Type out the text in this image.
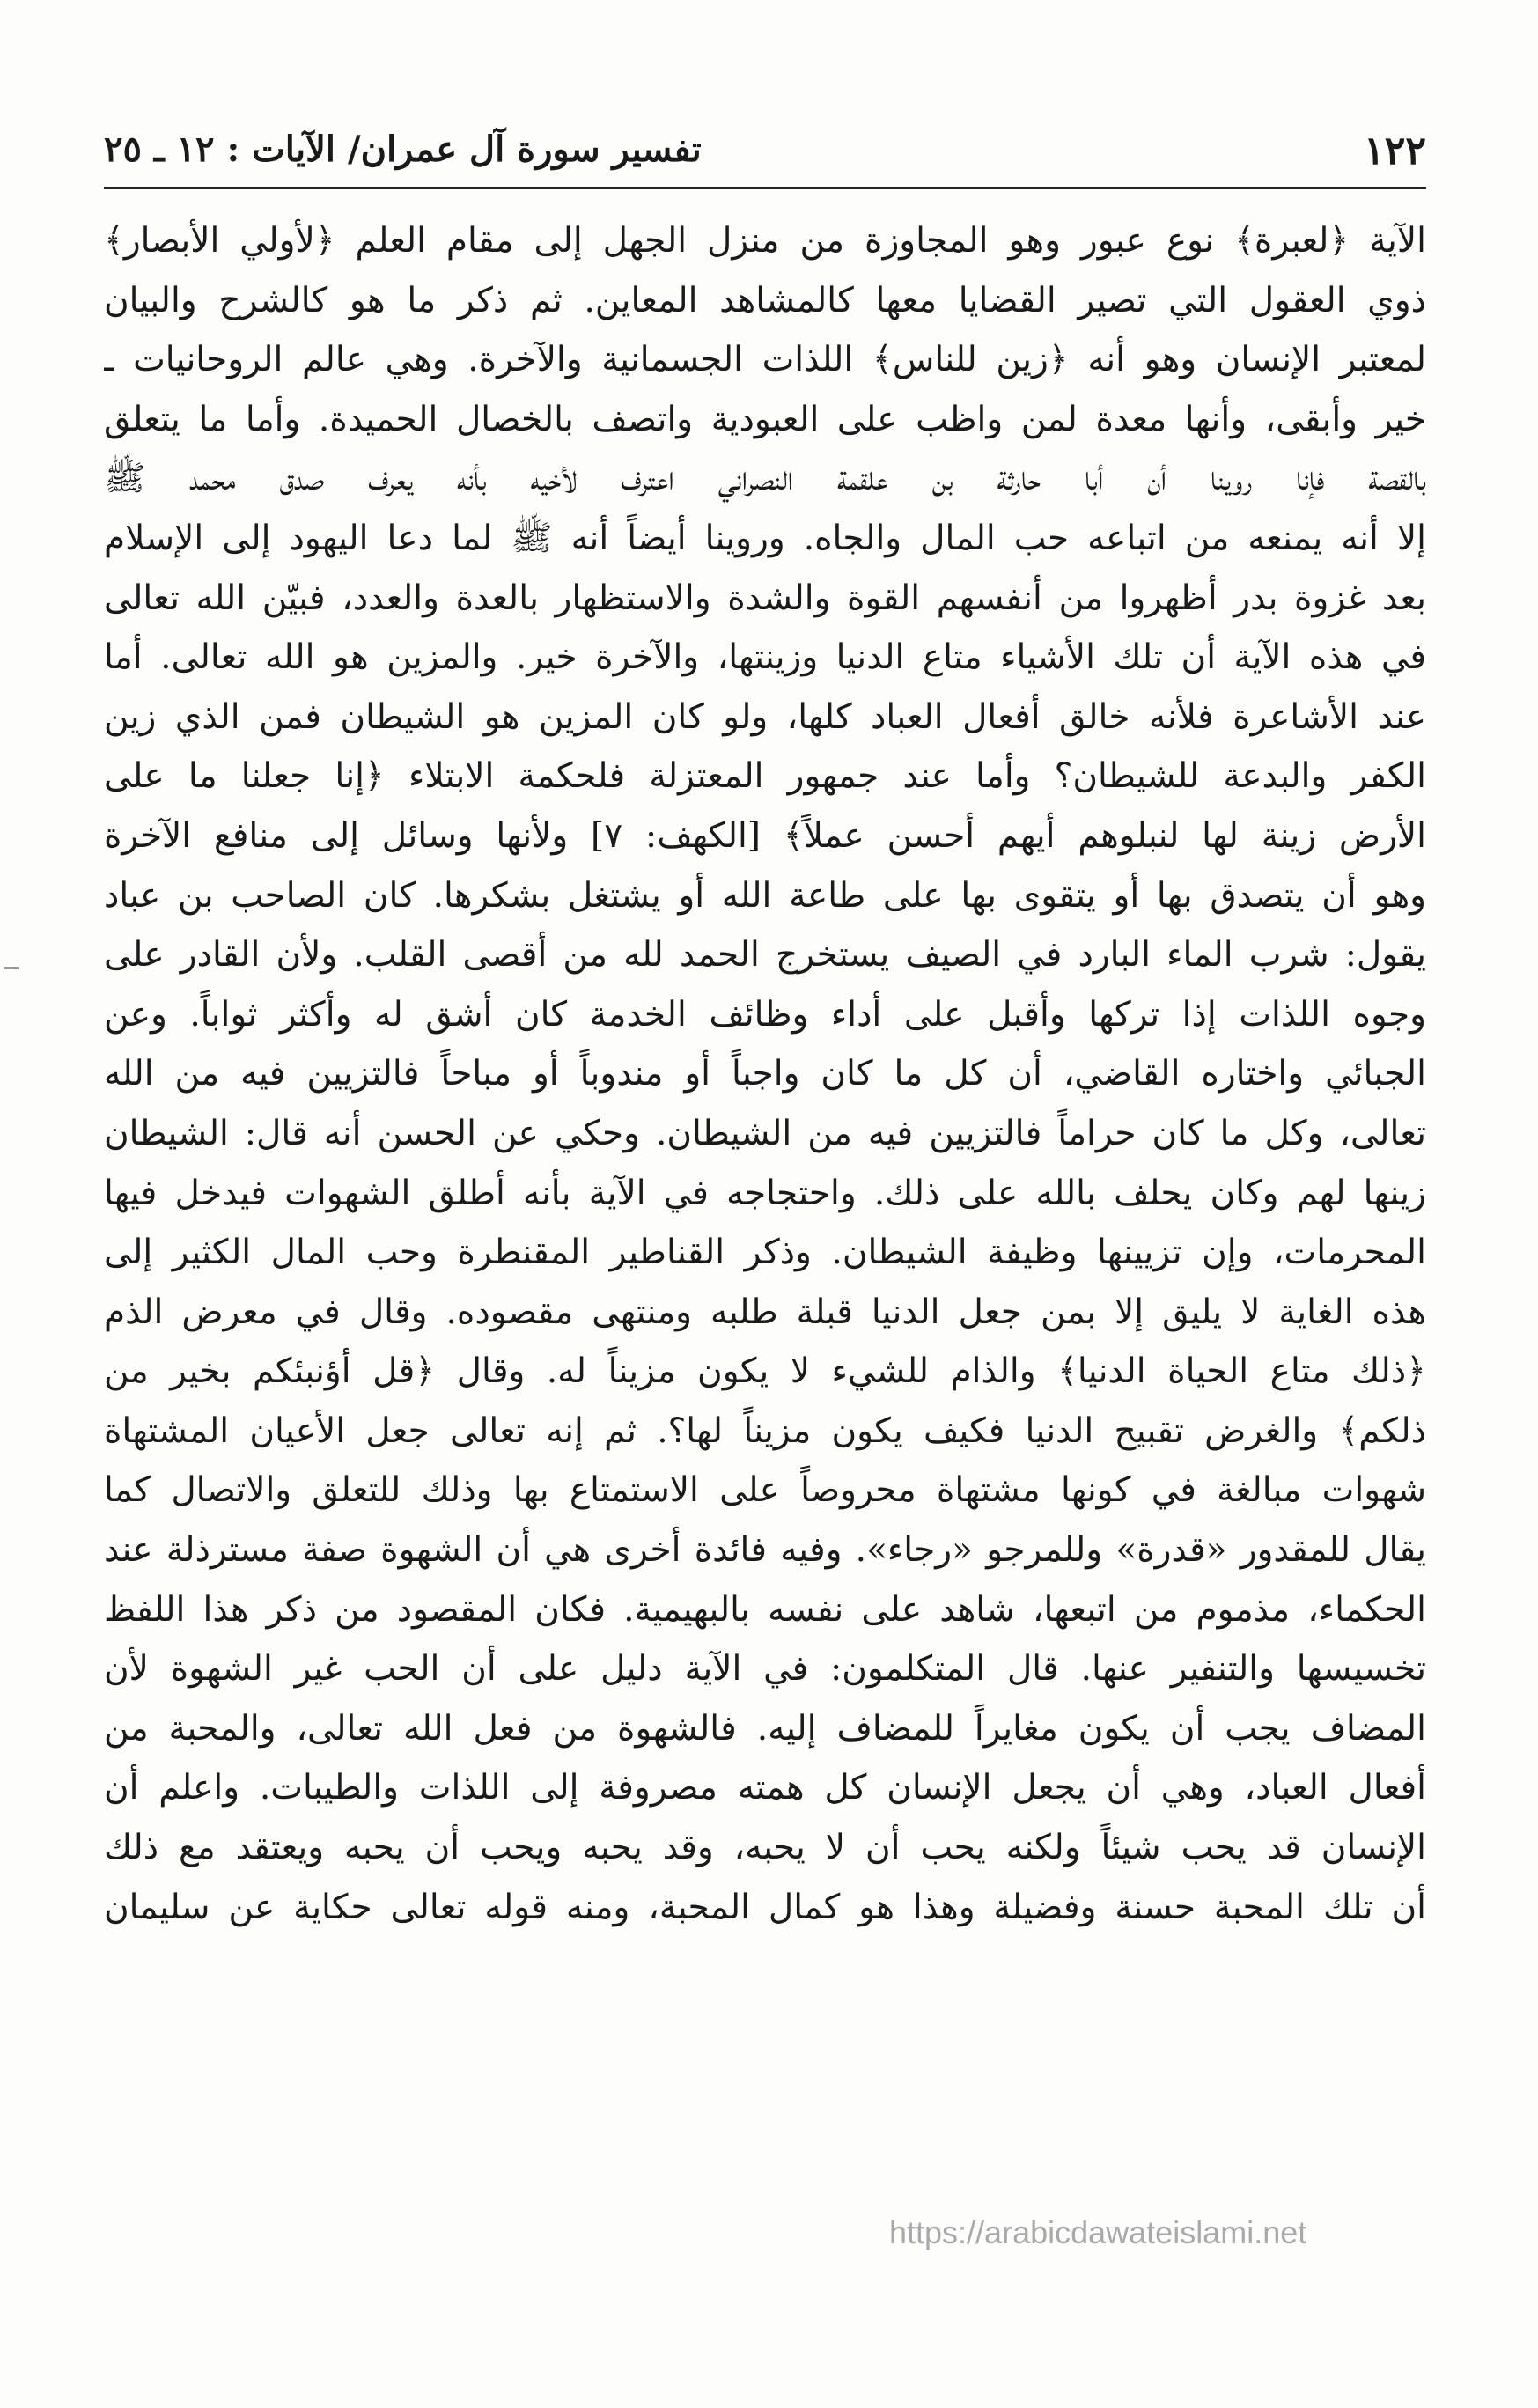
١٢٢
تفسير سورة آل عمران/ الآيات : ١٢ ـ ٢٥
الآية ﴿لعبرة﴾ نوع عبور وهو المجاوزة من منزل الجهل إلى مقام العلم ﴿لأولي الأبصار﴾
ذوي العقول التي تصير القضايا معها كالمشاهد المعاين. ثم ذكر ما هو كالشرح والبيان
لمعتبر الإنسان وهو أنه ﴿زين للناس﴾ اللذات الجسمانية والآخرة. وهي عالم الروحانيات ـ
خير وأبقى، وأنها معدة لمن واظب على العبودية واتصف بالخصال الحميدة. وأما ما يتعلق
بالقصة فإنا روينا أن أبا حارثة بن علقمة النصراني اعترف لأخيه بأنه يعرف صدق محمد ﷺ
إلا أنه يمنعه من اتباعه حب المال والجاه. وروينا أيضاً أنه ﷺ لما دعا اليهود إلى الإسلام
بعد غزوة بدر أظهروا من أنفسهم القوة والشدة والاستظهار بالعدة والعدد، فبيّن الله تعالى
في هذه الآية أن تلك الأشياء متاع الدنيا وزينتها، والآخرة خير. والمزين هو الله تعالى. أما
عند الأشاعرة فلأنه خالق أفعال العباد كلها، ولو كان المزين هو الشيطان فمن الذي زين
الكفر والبدعة للشيطان؟ وأما عند جمهور المعتزلة فلحكمة الابتلاء ﴿إنا جعلنا ما على
الأرض زينة لها لنبلوهم أيهم أحسن عملاً﴾ [الكهف: ٧] ولأنها وسائل إلى منافع الآخرة
وهو أن يتصدق بها أو يتقوى بها على طاعة الله أو يشتغل بشكرها. كان الصاحب بن عباد
يقول: شرب الماء البارد في الصيف يستخرج الحمد لله من أقصى القلب. ولأن القادر على
وجوه اللذات إذا تركها وأقبل على أداء وظائف الخدمة كان أشق له وأكثر ثواباً. وعن
الجبائي واختاره القاضي، أن كل ما كان واجباً أو مندوباً أو مباحاً فالتزيين فيه من الله
تعالى، وكل ما كان حراماً فالتزيين فيه من الشيطان. وحكي عن الحسن أنه قال: الشيطان
زينها لهم وكان يحلف بالله على ذلك. واحتجاجه في الآية بأنه أطلق الشهوات فيدخل فيها
المحرمات، وإن تزيينها وظيفة الشيطان. وذكر القناطير المقنطرة وحب المال الكثير إلى
هذه الغاية لا يليق إلا بمن جعل الدنيا قبلة طلبه ومنتهى مقصوده. وقال في معرض الذم
﴿ذلك متاع الحياة الدنيا﴾ والذام للشيء لا يكون مزيناً له. وقال ﴿قل أؤنبئكم بخير من
ذلكم﴾ والغرض تقبيح الدنيا فكيف يكون مزيناً لها؟. ثم إنه تعالى جعل الأعيان المشتهاة
شهوات مبالغة في كونها مشتهاة محروصاً على الاستمتاع بها وذلك للتعلق والاتصال كما
يقال للمقدور «قدرة» وللمرجو «رجاء». وفيه فائدة أخرى هي أن الشهوة صفة مسترذلة عند
الحكماء، مذموم من اتبعها، شاهد على نفسه بالبهيمية. فكان المقصود من ذكر هذا اللفظ
تخسيسها والتنفير عنها. قال المتكلمون: في الآية دليل على أن الحب غير الشهوة لأن
المضاف يجب أن يكون مغايراً للمضاف إليه. فالشهوة من فعل الله تعالى، والمحبة من
أفعال العباد، وهي أن يجعل الإنسان كل همته مصروفة إلى اللذات والطيبات. واعلم أن
الإنسان قد يحب شيئاً ولكنه يحب أن لا يحبه، وقد يحبه ويحب أن يحبه ويعتقد مع ذلك
أن تلك المحبة حسنة وفضيلة وهذا هو كمال المحبة، ومنه قوله تعالى حكاية عن سليمان
https://arabicdawateislami.net
